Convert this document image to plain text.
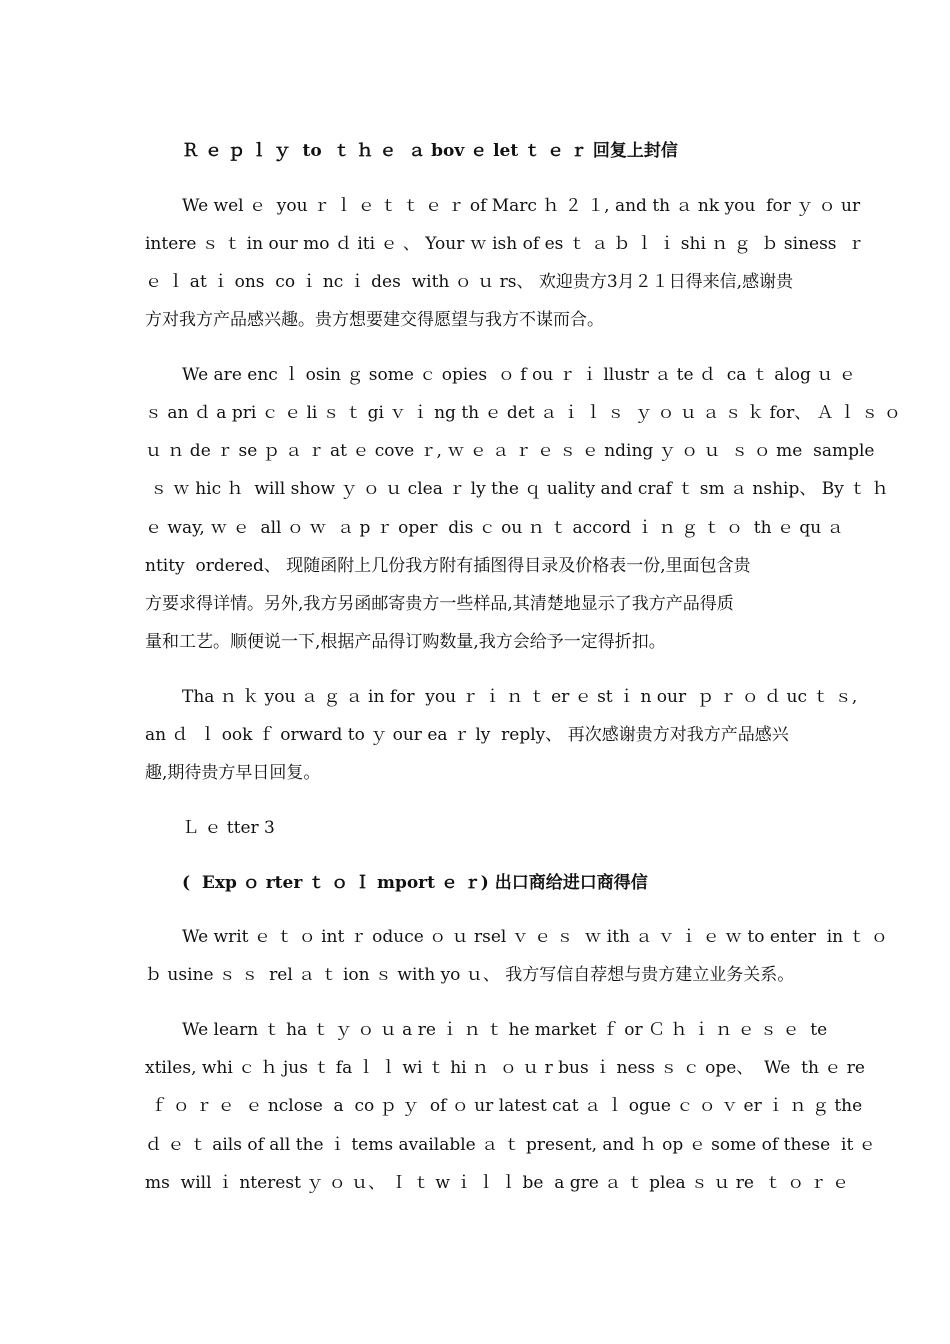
Ｒ ｅ ｐ ｌ ｙ  to  ｔ ｈ ｅ  ａ bov ｅ let ｔ ｅ ｒ 回复上封信
We wel ｅ  you ｒ ｌ ｅ ｔ ｔ ｅ ｒ of Marc ｈ ２ １, and th ａ nk you  for ｙ ｏ ur
intere ｓ ｔ in our mo ｄ iti ｅ 、 Your ｗ ish of es ｔ ａ ｂ ｌ ｉ shi ｎ ｇ  ｂ siness  ｒ
ｅ ｌ at ｉ ons  co ｉ nc ｉ des  with ｏ ｕ rs、 欢迎贵方3月２１日得来信,感谢贵
方对我方产品感兴趣。贵方想要建交得愿望与我方不谋而合。
We are enc ｌ osin ｇ some ｃ opies  ｏ f ou ｒ ｉ llustr ａ te ｄ  ca ｔ alog ｕ ｅ
ｓ an ｄ a pri ｃ ｅ li ｓ ｔ gi ｖ ｉ ng th ｅ det ａ ｉ ｌ ｓ  ｙ ｏ ｕ ａ ｓ ｋ for、 Ａ ｌ ｓ ｏ
ｕ ｎ de ｒ se ｐ ａ ｒ at ｅ cove ｒ, ｗ ｅ ａ ｒ ｅ ｓ ｅ nding ｙ ｏ ｕ  ｓ ｏ me  sample
ｓ ｗ hic ｈ  will show ｙ ｏ ｕ clea ｒ ly the ｑ uality and craf ｔ sm ａ nship、 By ｔ ｈ
ｅ way, ｗ ｅ  all ｏ ｗ  ａ p ｒ oper  dis ｃ ou ｎ ｔ accord ｉ ｎ ｇ ｔ ｏ  th ｅ qu ａ
ntity  ordered、 现随函附上几份我方附有插图得目录及价格表一份,里面包含贵
方要求得详情。另外,我方另函邮寄贵方一些样品,其清楚地显示了我方产品得质
量和工艺。顺便说一下,根据产品得订购数量,我方会给予一定得折扣。
Tha ｎ ｋ you ａ ｇ ａ in for  you ｒ ｉ ｎ ｔ er ｅ st ｉ n our  ｐ ｒ ｏ ｄ uc ｔ ｓ,
an ｄ  ｌ ook ｆ orward to ｙ our ea ｒ ly  reply、 再次感谢贵方对我方产品感兴
趣,期待贵方早日回复。
Ｌ ｅ tter 3
(  Exp ｏ rter ｔ ｏ Ｉ mport ｅ ｒ) 出口商给进口商得信
We writ ｅ ｔ ｏ int ｒ oduce ｏ ｕ rsel ｖ ｅ ｓ  ｗ ith ａ ｖ ｉ ｅ ｗ to enter  in ｔ ｏ
ｂ usine ｓ ｓ  rel ａ ｔ ion ｓ with yo ｕ、 我方写信自荐想与贵方建立业务关系。
We learn ｔ ha ｔ ｙ ｏ ｕ a re ｉ ｎ ｔ he market ｆ or Ｃ ｈ ｉ ｎ ｅ ｓ ｅ  te
xtiles, whi ｃ ｈ jus ｔ fa ｌ ｌ wi ｔ hi ｎ  ｏ ｕ r bus ｉ ness ｓ ｃ ope、  We  th ｅ re
ｆ ｏ ｒ ｅ  ｅ nclose  a  co ｐ ｙ  of ｏ ur latest cat ａ ｌ ogue ｃ ｏ ｖ er ｉ ｎ ｇ the
ｄ ｅ ｔ ails of all the ｉ tems available ａ ｔ present, and ｈ op ｅ some of these  it ｅ
ms  will ｉ nterest ｙ ｏ ｕ、 Ｉ ｔ w ｉ ｌ ｌ be  a gre ａ ｔ plea ｓ ｕ re  ｔ ｏ ｒ ｅ
